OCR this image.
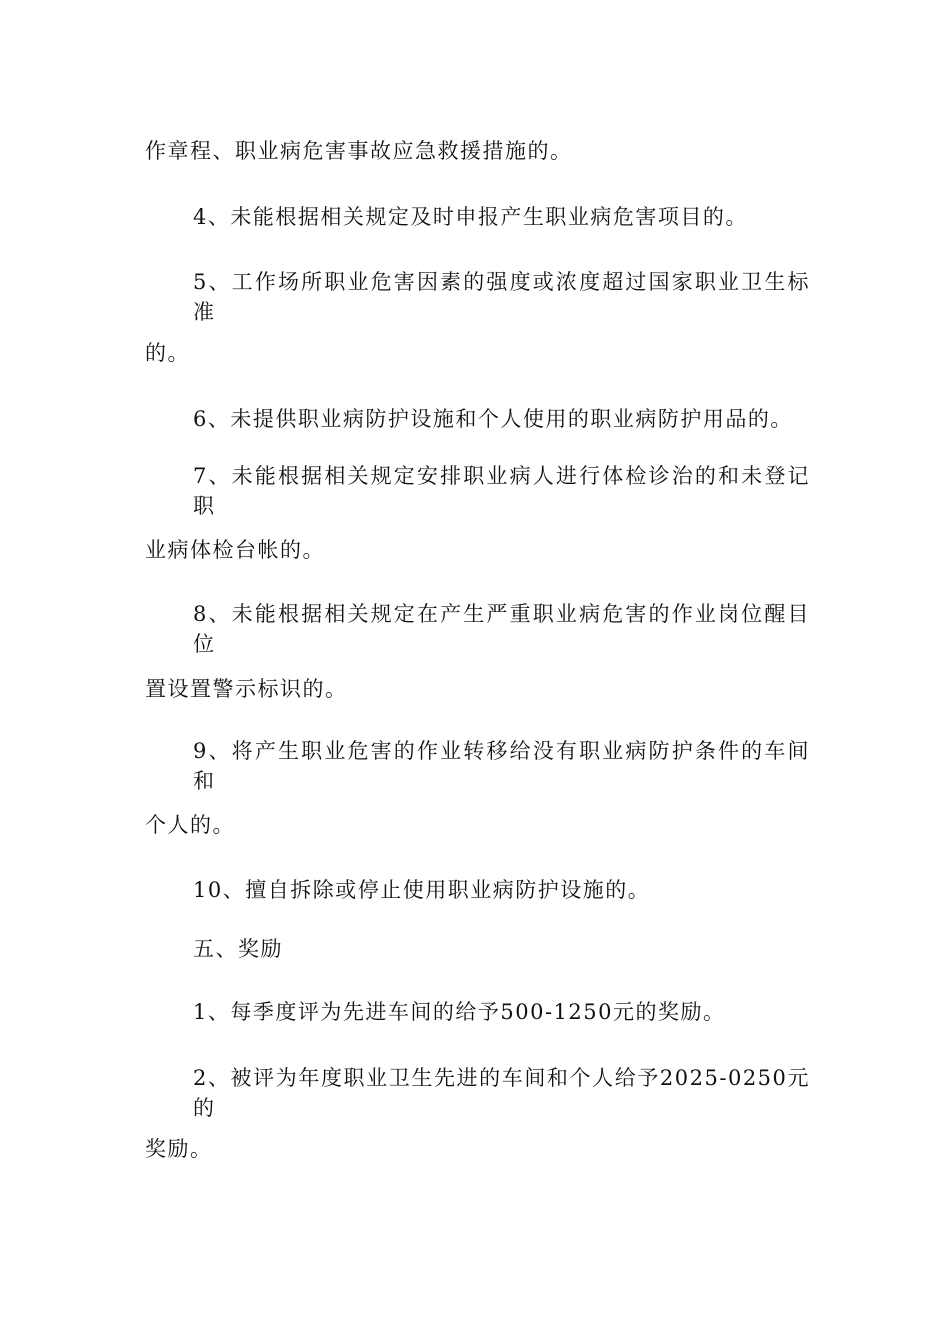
作章程、职业病危害事故应急救援措施的。
4、未能根据相关规定及时申报产生职业病危害项目的。
5、工作场所职业危害因素的强度或浓度超过国家职业卫生标准
的。
6、未提供职业病防护设施和个人使用的职业病防护用品的。
7、未能根据相关规定安排职业病人进行体检诊治的和未登记职
业病体检台帐的。
8、未能根据相关规定在产生严重职业病危害的作业岗位醒目位
置设置警示标识的。
9、将产生职业危害的作业转移给没有职业病防护条件的车间和
个人的。
10、擅自拆除或停止使用职业病防护设施的。
五、奖励
1、每季度评为先进车间的给予500-1250元的奖励。
2、被评为年度职业卫生先进的车间和个人给予2025-0250元的
奖励。
